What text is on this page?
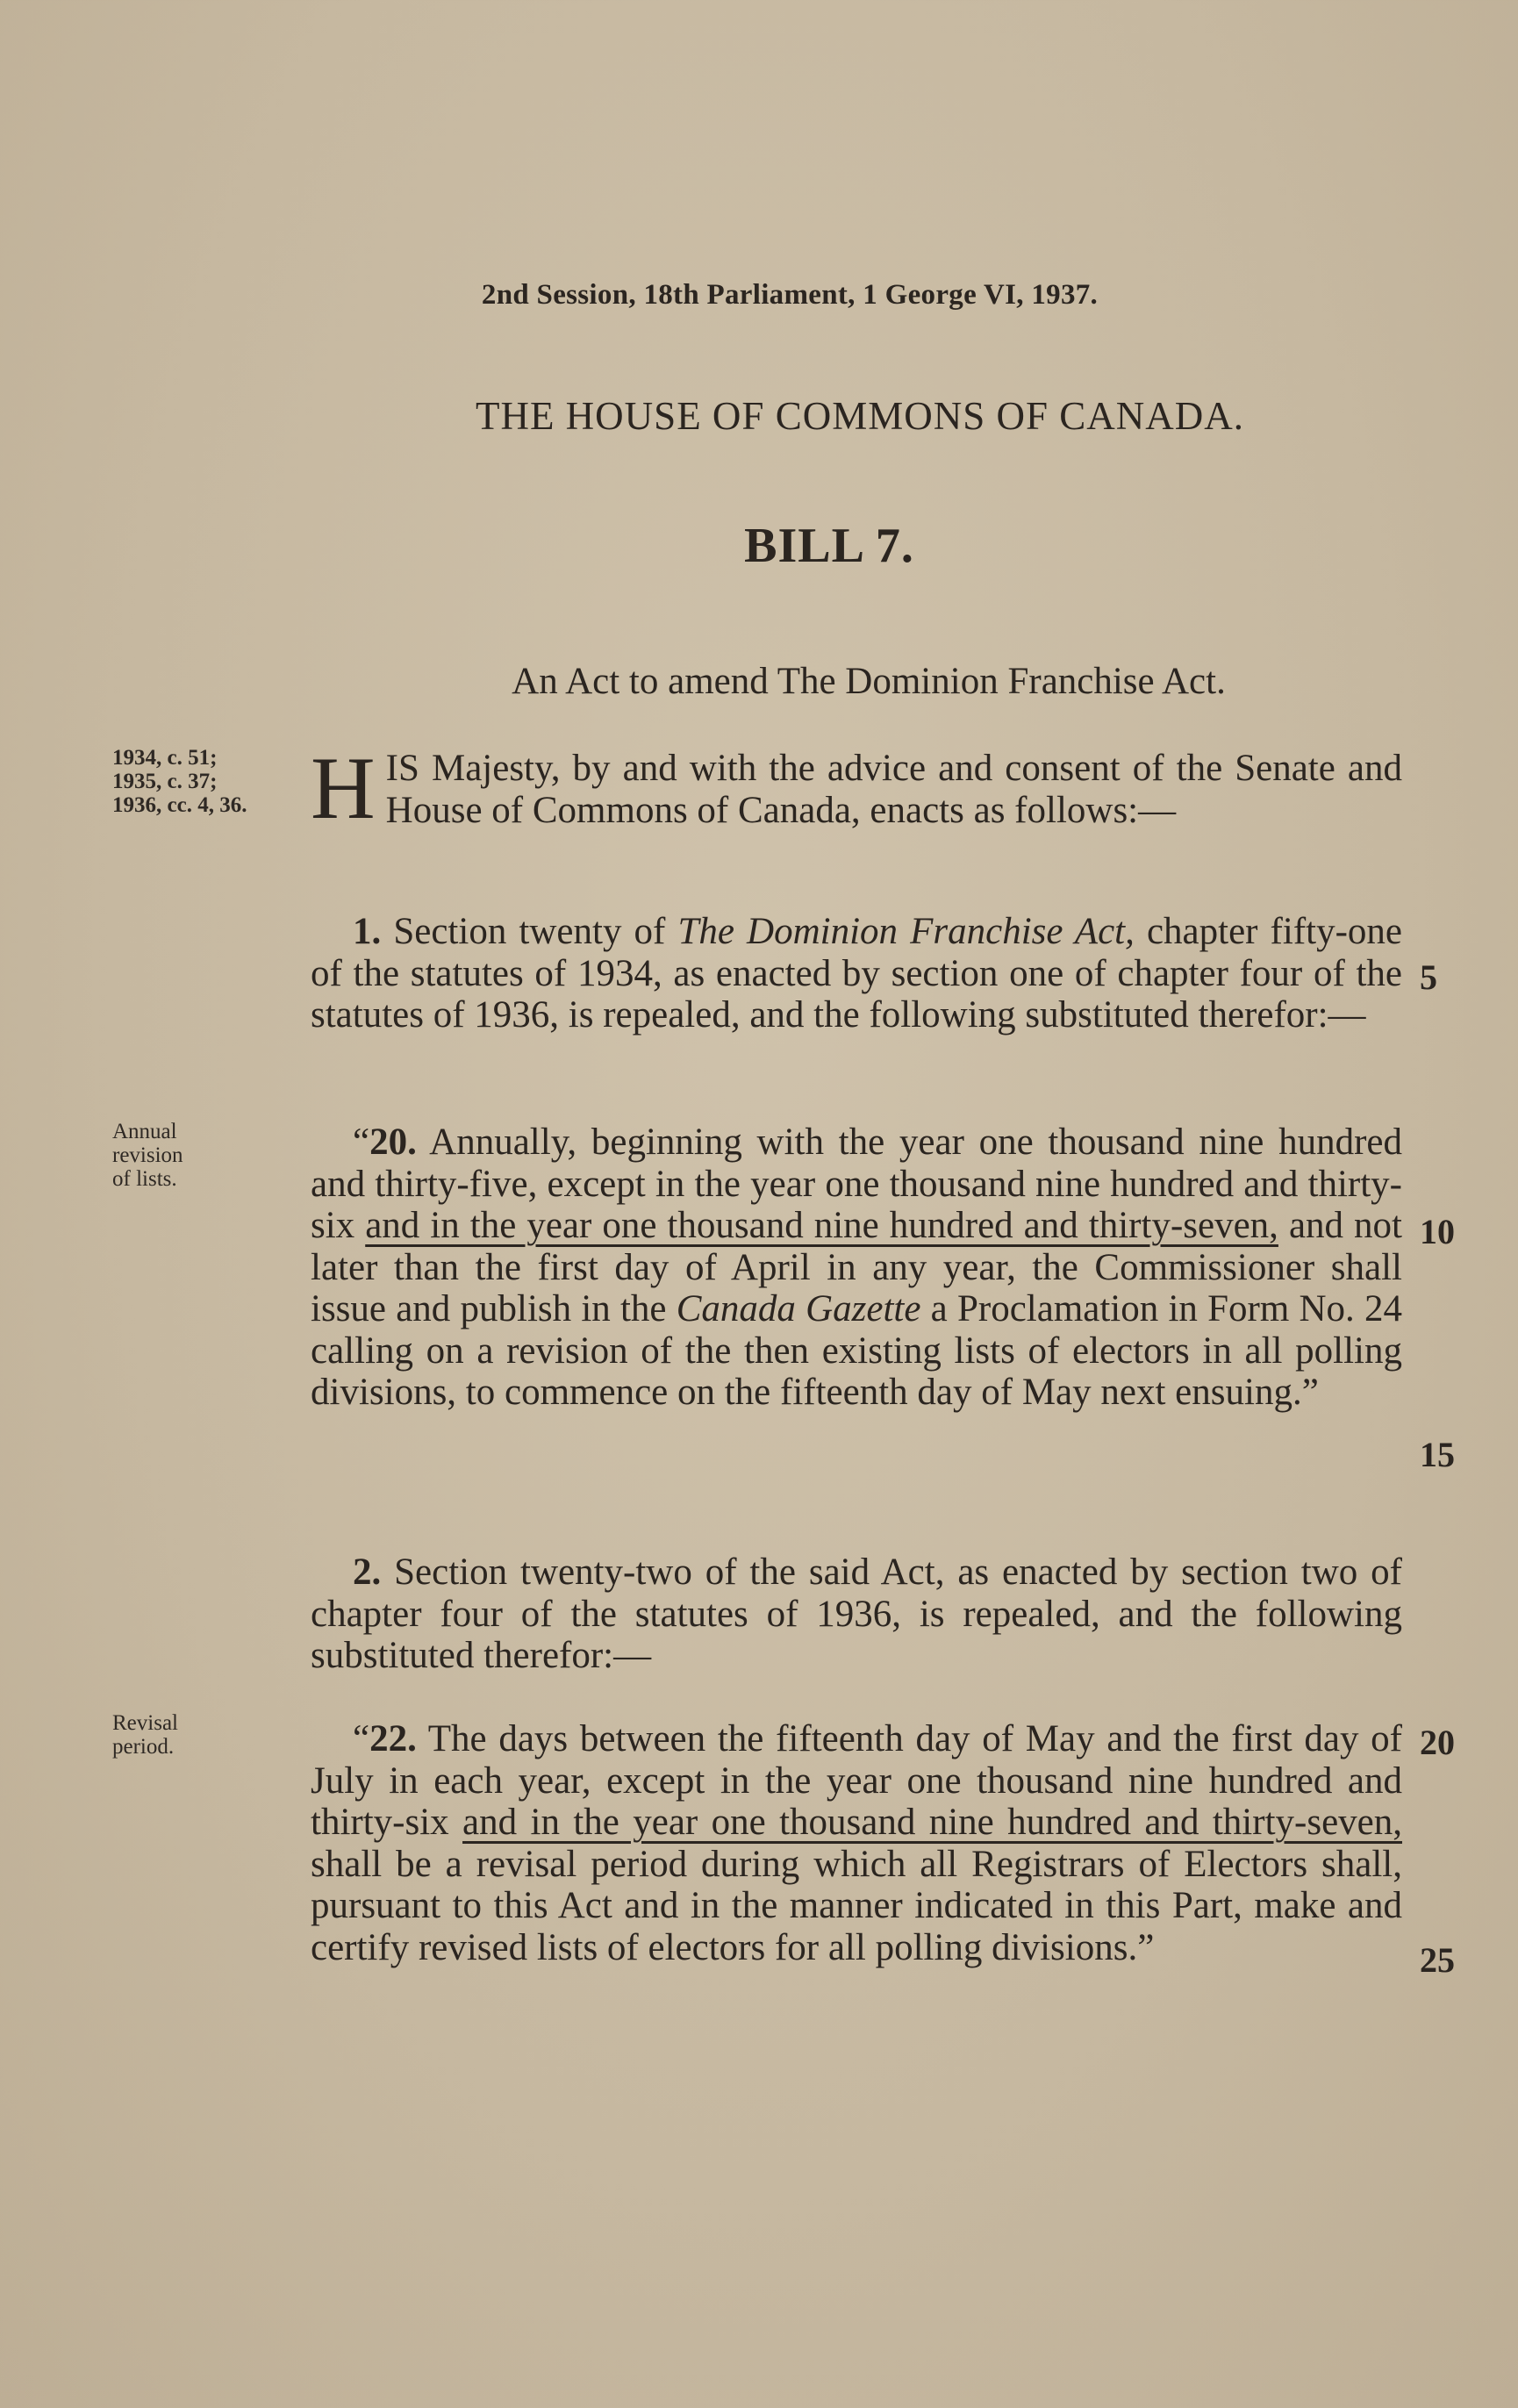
2nd Session, 18th Parliament, 1 George VI, 1937.
THE HOUSE OF COMMONS OF CANADA.
BILL 7.
An Act to amend The Dominion Franchise Act.
1934, c. 51;
1935, c. 37;
1936, cc. 4, 36.
Annual
revision
of lists.
Revisal
period.

HIS Majesty, by and with the advice and consent of the Senate and House of Commons of Canada, enacts as follows:—

1. Section twenty of The Dominion Franchise Act, chapter fifty-one of the statutes of 1934, as enacted by section one of chapter four of the statutes of 1936, is repealed, and the following substituted therefor:—

“20. Annually, beginning with the year one thousand nine hundred and thirty-five, except in the year one thousand nine hundred and thirty-six and in the year one thousand nine hundred and thirty-seven, and not later than the first day of April in any year, the Commissioner shall issue and publish in the Canada Gazette a Proclamation in Form No. 24 calling on a revision of the then existing lists of electors in all polling divisions, to commence on the fifteenth day of May next ensuing.”

2. Section twenty-two of the said Act, as enacted by section two of chapter four of the statutes of 1936, is repealed, and the following substituted therefor:—

“22. The days between the fifteenth day of May and the first day of July in each year, except in the year one thousand nine hundred and thirty-six and in the year one thousand nine hundred and thirty-seven, shall be a revisal period during which all Registrars of Electors shall, pursuant to this Act and in the manner indicated in this Part, make and certify revised lists of electors for all polling divisions.”

5
10
15
20
25
